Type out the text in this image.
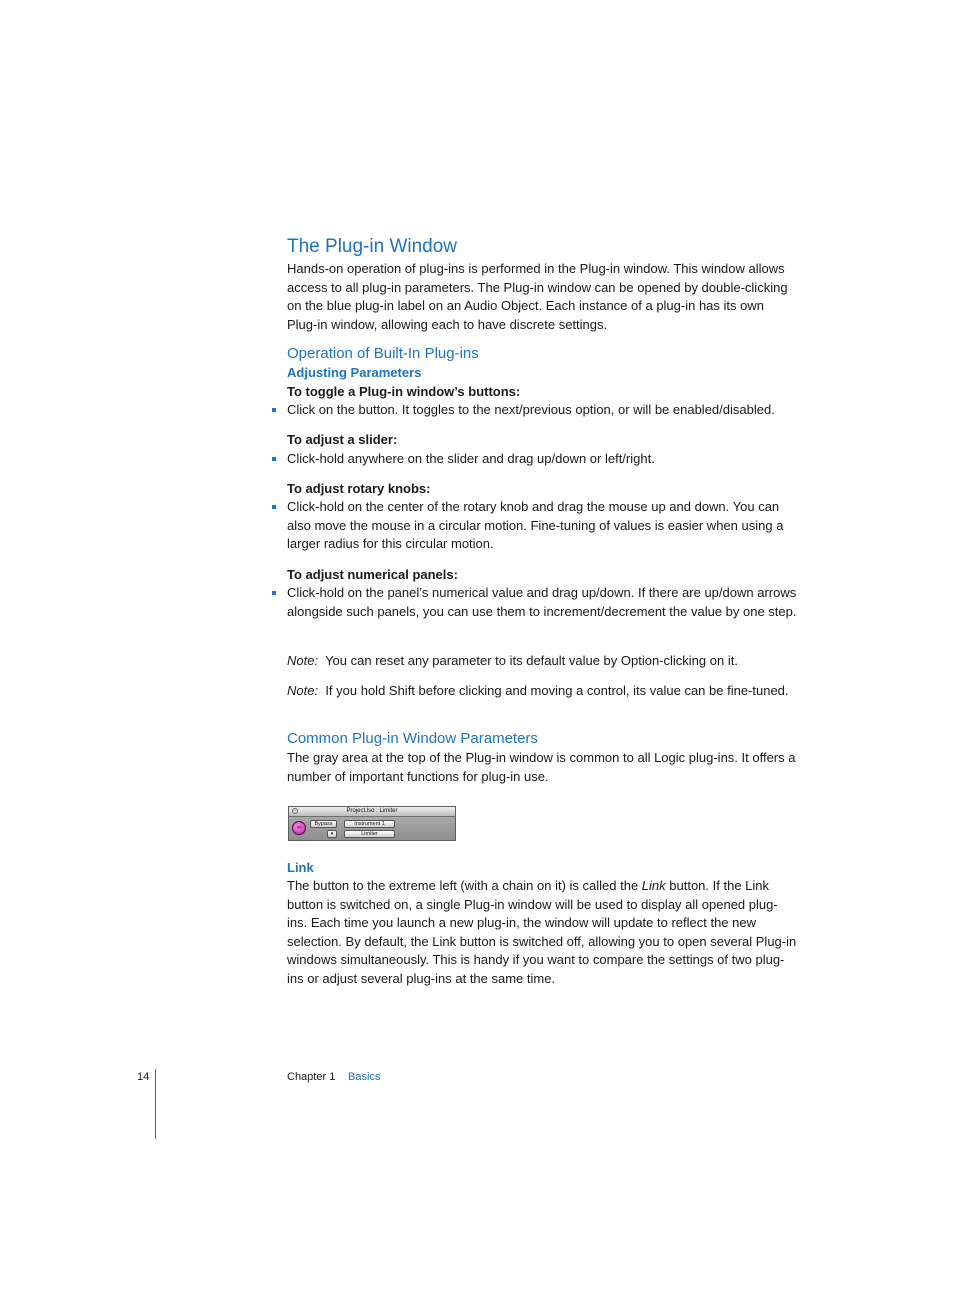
The Plug-in Window
Hands-on operation of plug-ins is performed in the Plug-in window. This window allows access to all plug-in parameters. The Plug-in window can be opened by double-clicking on the blue plug-in label on an Audio Object. Each instance of a plug-in has its own Plug-in window, allowing each to have discrete settings.
Operation of Built-In Plug-ins
Adjusting Parameters
To toggle a Plug-in window’s buttons:
Click on the button. It toggles to the next/previous option, or will be enabled/disabled.
To adjust a slider:
Click-hold anywhere on the slider and drag up/down or left/right.
To adjust rotary knobs:
Click-hold on the center of the rotary knob and drag the mouse up and down. You can also move the mouse in a circular motion. Fine-tuning of values is easier when using a larger radius for this circular motion.
To adjust numerical panels:
Click-hold on the panel’s numerical value and drag up/down. If there are up/down arrows alongside such panels, you can use them to increment/decrement the value by one step.
Note: You can reset any parameter to its default value by Option-clicking on it.
Note: If you hold Shift before clicking and moving a control, its value can be fine-tuned.
Common Plug-in Window Parameters
The gray area at the top of the Plug-in window is common to all Logic plug-ins. It offers a number of important functions for plug-in use.
Project.lso : Limiter
∞	Bypass
▾
Instrument 1
Limiter
Link
The button to the extreme left (with a chain on it) is called the Link button. If the Link button is switched on, a single Plug-in window will be used to display all opened plug-ins. Each time you launch a new plug-in, the window will update to reflect the new selection. By default, the Link button is switched off, allowing you to open several Plug-in windows simultaneously. This is handy if you want to compare the settings of two plug-ins or adjust several plug-ins at the same time.
14	Chapter 1 Basics
